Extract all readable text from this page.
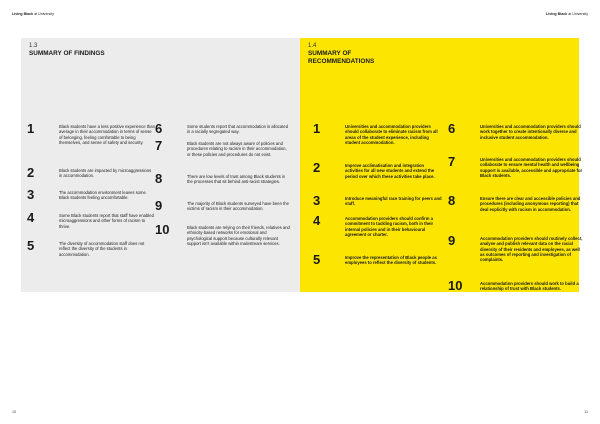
Living Black at University	Living Black at University
1.3
SUMMARY OF FINDINGS
1.4
SUMMARY OF
RECOMMENDATIONS
1	Black students have a less positive experience than average in their accommodation in terms of sense of belonging, feeling comfortable to being themselves, and sense of safety and security.
2	Black students are impacted by microaggressions in accommodation.
3	The accommodation environment leaves some Black students feeling uncomfortable.
4	Some Black students report that staff have enabled microaggressions and other forms of racism to thrive.
5	The diversity of accommodation staff does not reflect the diversity of the students in accommodation.
6	Some students report that accommodation is allocated in a racially segregated way.
7	Black students are not always aware of policies and procedures relating to racism in their accommodation, or these policies and procedures do not exist.
8	There are low levels of trust among Black students in the processes that sit behind anti-racist strategies.
9	The majority of Black students surveyed have been the victims of racism in their accommodation.
10	Black students are relying on their friends, relatives and ethnicity-based networks for emotional and psychological support because culturally relevant support isn't available within mainstream services.
1	Universities and accommodation providers should collaborate to eliminate racism from all areas of the student experience, including student accommodation.
2	Improve acclimatisation and integration activities for all new students and extend the period over which these activities take place.
3	Introduce meaningful race training for peers and staff.
4	Accommodation providers should confirm a commitment to tackling racism, both in their internal policies and in their behavioural agreement or charter.
5	Improve the representation of Black people as employees to reflect the diversity of students.
6	Universities and accommodation providers should work together to create intentionally diverse and inclusive student accommodation.
7	Universities and accommodation providers should collaborate to ensure mental health and wellbeing support is available, accessible and appropriate for Black students.
8	Ensure there are clear and accessible policies and procedures (including anonymous reporting) that deal explicitly with racism in accommodation.
9	Accommodation providers should routinely collect, analyse and publish relevant data on the racial diversity of their residents and employees, as well as outcomes of reporting and investigation of complaints.
10	Accommodation providers should work to build a relationship of trust with Black students.
10	11
